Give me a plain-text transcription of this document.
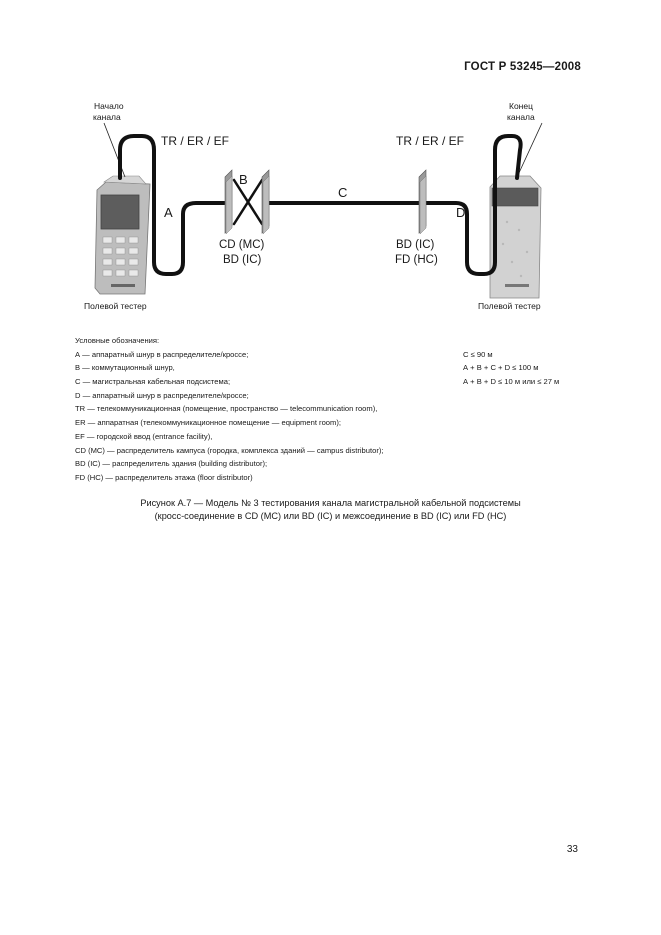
ГОСТ Р 53245—2008
Начало
канала
Конец
канала
TR / ER / EF	TR / ER / EF
A
B
C
D
CD (MC)
BD (IC)
BD (IC)
FD (HC)
Полевой тестер	Полевой тестер
Условные обозначения:
А — аппаратный шнур в распределителе/кроссе;	С ≤ 90 м
В — коммутационный шнур,	А + В + С + D ≤ 100 м
С — магистральная кабельная подсистема;	А + В + D ≤ 10 м или ≤ 27 м
D — аппаратный шнур в распределителе/кроссе;
TR — телекоммуникационная (помещение, пространство — telecommunication room),
ER — аппаратная (телекоммуникационное помещение — equipment room);
EF — городской ввод (entrance facility),
CD (MC) — распределитель кампуса (городка, комплекса зданий — campus distributor);
BD (IC) — распределитель здания (building distributor);
FD (HC) — распределитель этажа (floor distributor)
Рисунок А.7 — Модель № 3 тестирования канала магистральной кабельной подсистемы
(кросс-соединение в CD (МС) или BD (IC) и межсоединение в BD (IC) или FD (НС)
33
